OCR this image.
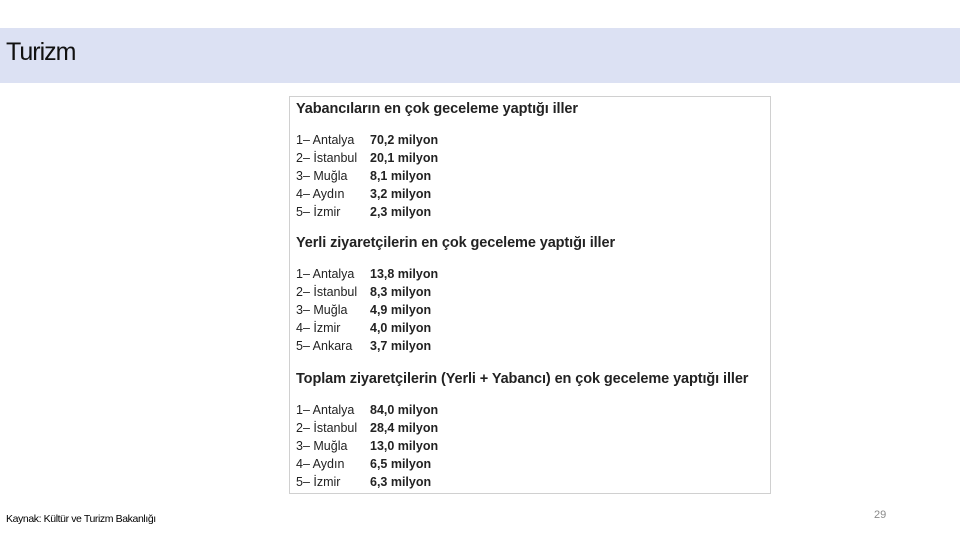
Turizm
Yabancıların en çok geceleme yaptığı iller
1– Antalya 70,2 milyon
2– İstanbul 20,1 milyon
3– Muğla 8,1 milyon
4– Aydın 3,2 milyon
5– İzmir 2,3 milyon
Yerli ziyaretçilerin en çok geceleme yaptığı iller
1– Antalya 13,8 milyon
2– İstanbul 8,3 milyon
3– Muğla 4,9 milyon
4– İzmir 4,0 milyon
5– Ankara 3,7 milyon
Toplam ziyaretçilerin (Yerli + Yabancı) en çok geceleme yaptığı iller
1– Antalya 84,0 milyon
2– İstanbul 28,4 milyon
3– Muğla 13,0 milyon
4– Aydın 6,5 milyon
5– İzmir 6,3 milyon
Kaynak: Kültür ve Turizm Bakanlığı	29
